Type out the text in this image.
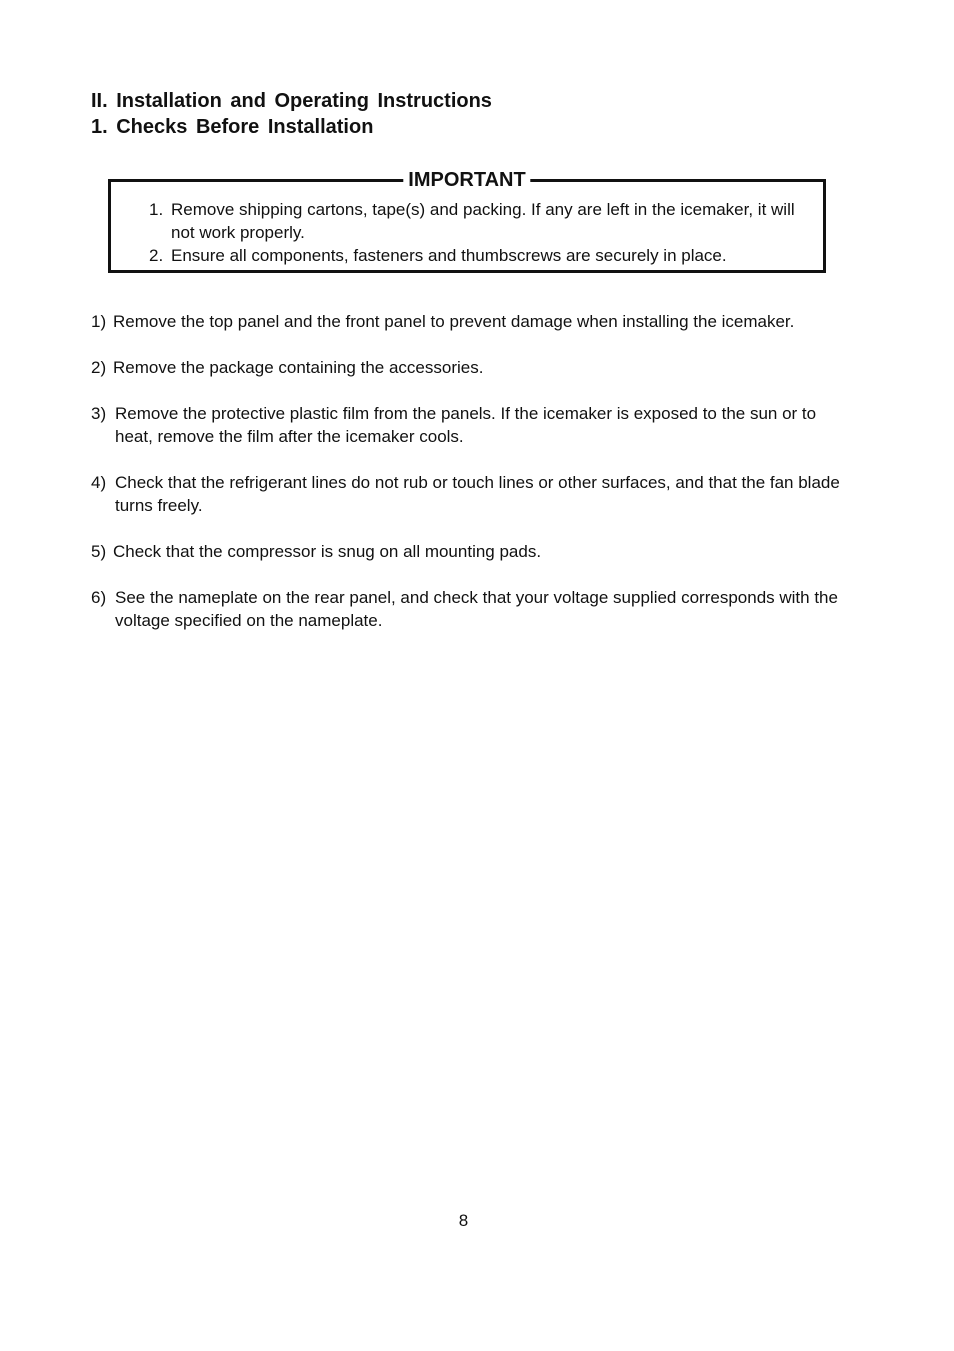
II. Installation and Operating Instructions
1. Checks Before Installation
IMPORTANT
1. Remove shipping cartons, tape(s) and packing. If any are left in the icemaker, it will not work properly.
2. Ensure all components, fasteners and thumbscrews are securely in place.
1) Remove the top panel and the front panel to prevent damage when installing the icemaker.
2) Remove the package containing the accessories.
3) Remove the protective plastic film from the panels. If the icemaker is exposed to the sun or to heat, remove the film after the icemaker cools.
4) Check that the refrigerant lines do not rub or touch lines or other surfaces, and that the fan blade turns freely.
5) Check that the compressor is snug on all mounting pads.
6) See the nameplate on the rear panel, and check that your voltage supplied corresponds with the voltage specified on the nameplate.
8
